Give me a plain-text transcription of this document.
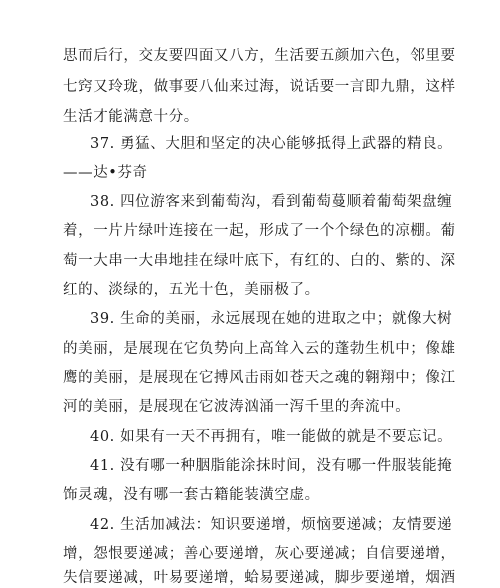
思而后行，交友要四面又八方，生活要五颜加六色，邻里要
七窍又玲珑，做事要八仙来过海，说话要一言即九鼎，这样
生活才能满意十分。
37. 勇猛、大胆和坚定的决心能够抵得上武器的精良。
——达•芬奇
38. 四位游客来到葡萄沟，看到葡萄蔓顺着葡萄架盘缠
着，一片片绿叶连接在一起，形成了一个个绿色的凉棚。葡
萄一大串一大串地挂在绿叶底下，有红的、白的、紫的、深
红的、淡绿的，五光十色，美丽极了。
39. 生命的美丽，永远展现在她的进取之中；就像大树
的美丽，是展现在它负势向上高耸入云的蓬勃生机中；像雄
鹰的美丽，是展现在它搏风击雨如苍天之魂的翱翔中；像江
河的美丽，是展现在它波涛汹涌一泻千里的奔流中。
40. 如果有一天不再拥有，唯一能做的就是不要忘记。
41. 没有哪一种胭脂能涂抹时间，没有哪一件服装能掩
饰灵魂，没有哪一套古籍能装潢空虚。
42. 生活加减法：知识要递增，烦恼要递减；友情要递
增，怨恨要递减；善心要递增，灰心要递减；自信要递增，
失信要递减，叶易要递增，蛤易要递减，脚步要递增，烟酒
